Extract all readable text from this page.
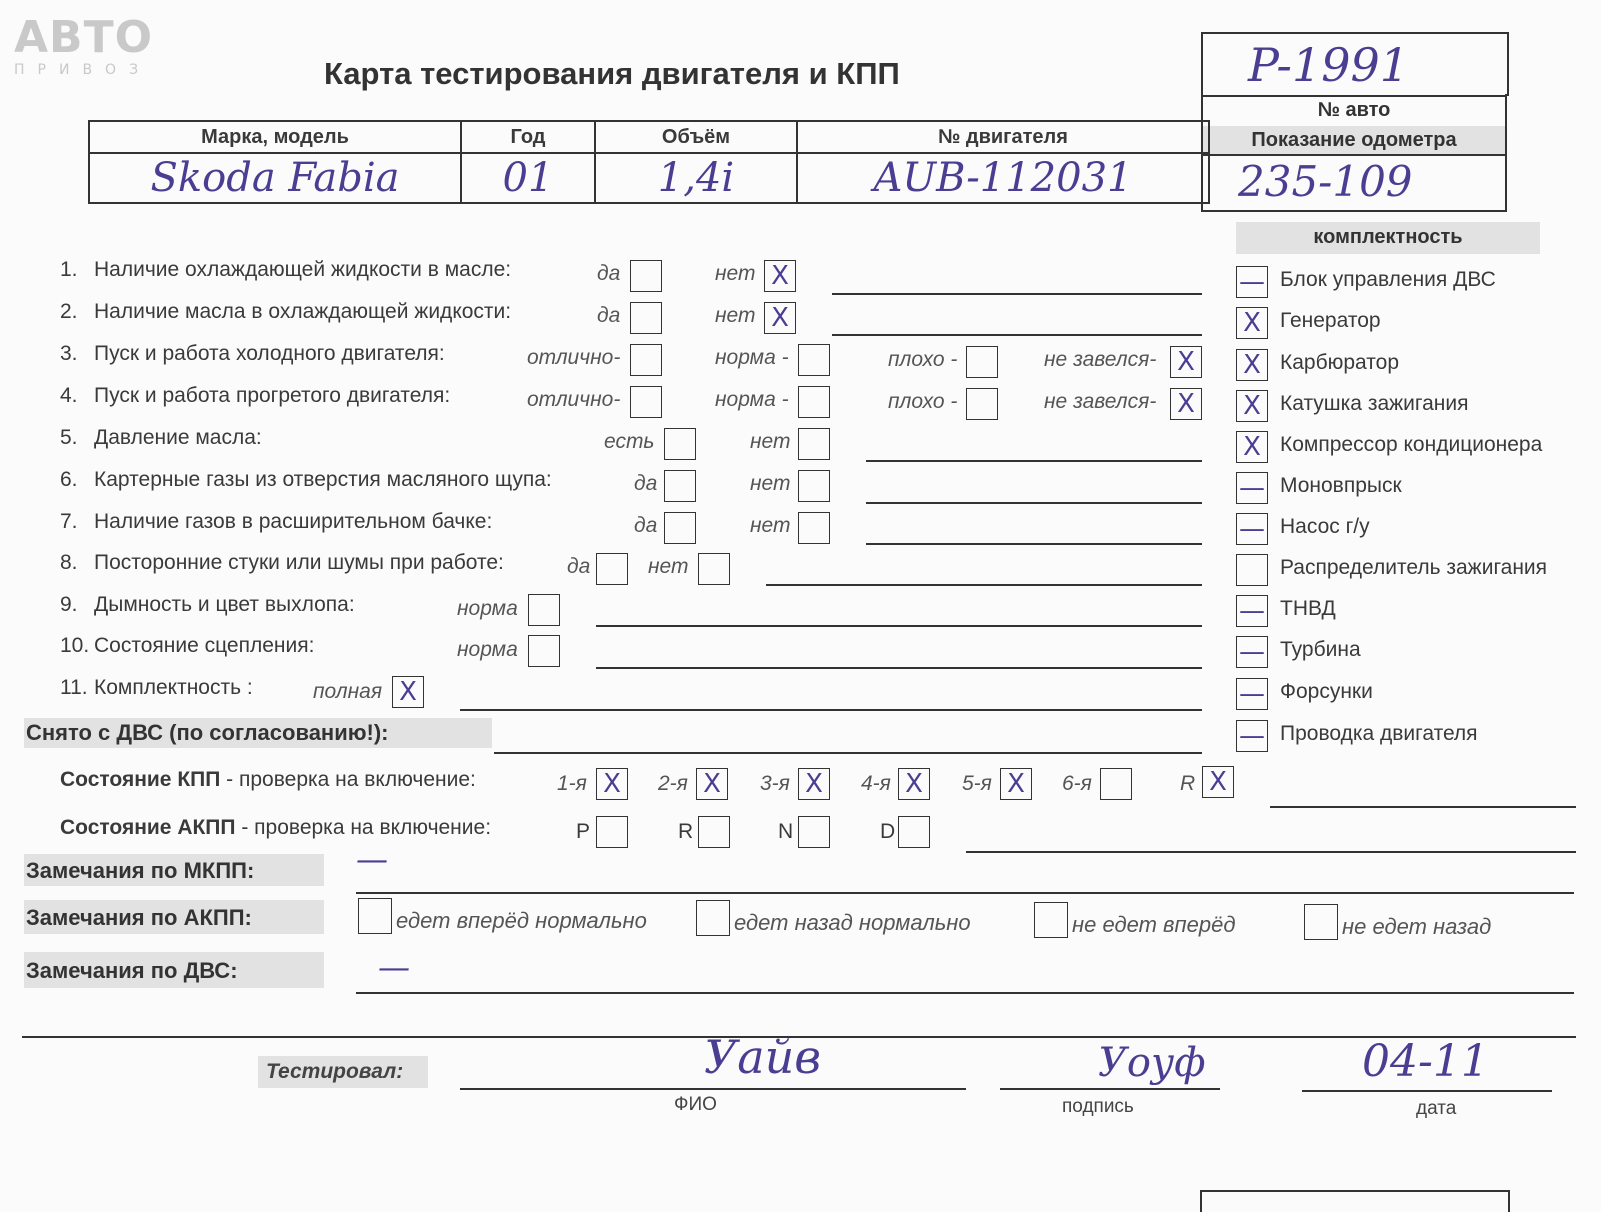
АВТО
ПРИВОЗ	Карта тестирования двигателя и КПП	P-1991
№ авто
Показание одометра
235-109
Марка, модель	Год	Объём	№ двигателя
Skoda Fabia	01	1,4i	AUB-112031
1. Наличие охлаждающей жидкости в масле:	да	нет X
2. Наличие масла в охлаждающей жидкости:	да	нет X
3. Пуск и работа холодного двигателя:	отлично-	норма -	плохо -	не завелся- X
4. Пуск и работа прогретого двигателя:	отлично-	норма -	плохо -	не завелся- X
5. Давление масла:	есть	нет
6. Картерные газы из отверстия масляного щупа:	да	нет
7. Наличие газов в расширительном бачке:	да	нет
8. Посторонние стуки или шумы при работе:	да	нет
9. Дымность и цвет выхлопа:	норма
10. Состояние сцепления:	норма
11. Комплектность :	полная X
комплектность
— Блок управления ДВС
X Генератор
X Карбюратор
X Катушка зажигания
X Компрессор кондиционера
— Моновпрыск
— Насос г/у
Распределитель зажигания
— ТНВД
— Турбина
— Форсунки
— Проводка двигателя
Снято с ДВС (по согласованию!):
Состояние КПП - проверка на включение:	1-я X	2-я X	3-я X	4-я X	5-я X	6-я	R X
Состояние АКПП - проверка на включение:	P	R	N	D
Замечания по МКПП:	—
Замечания по АКПП:	едет вперёд нормально	едет назад нормально	не едет вперёд	не едет назад
Замечания по ДВС:	—
Тестировал:	Уайв
ФИО
Уоуф
подпись
04-11
дата
